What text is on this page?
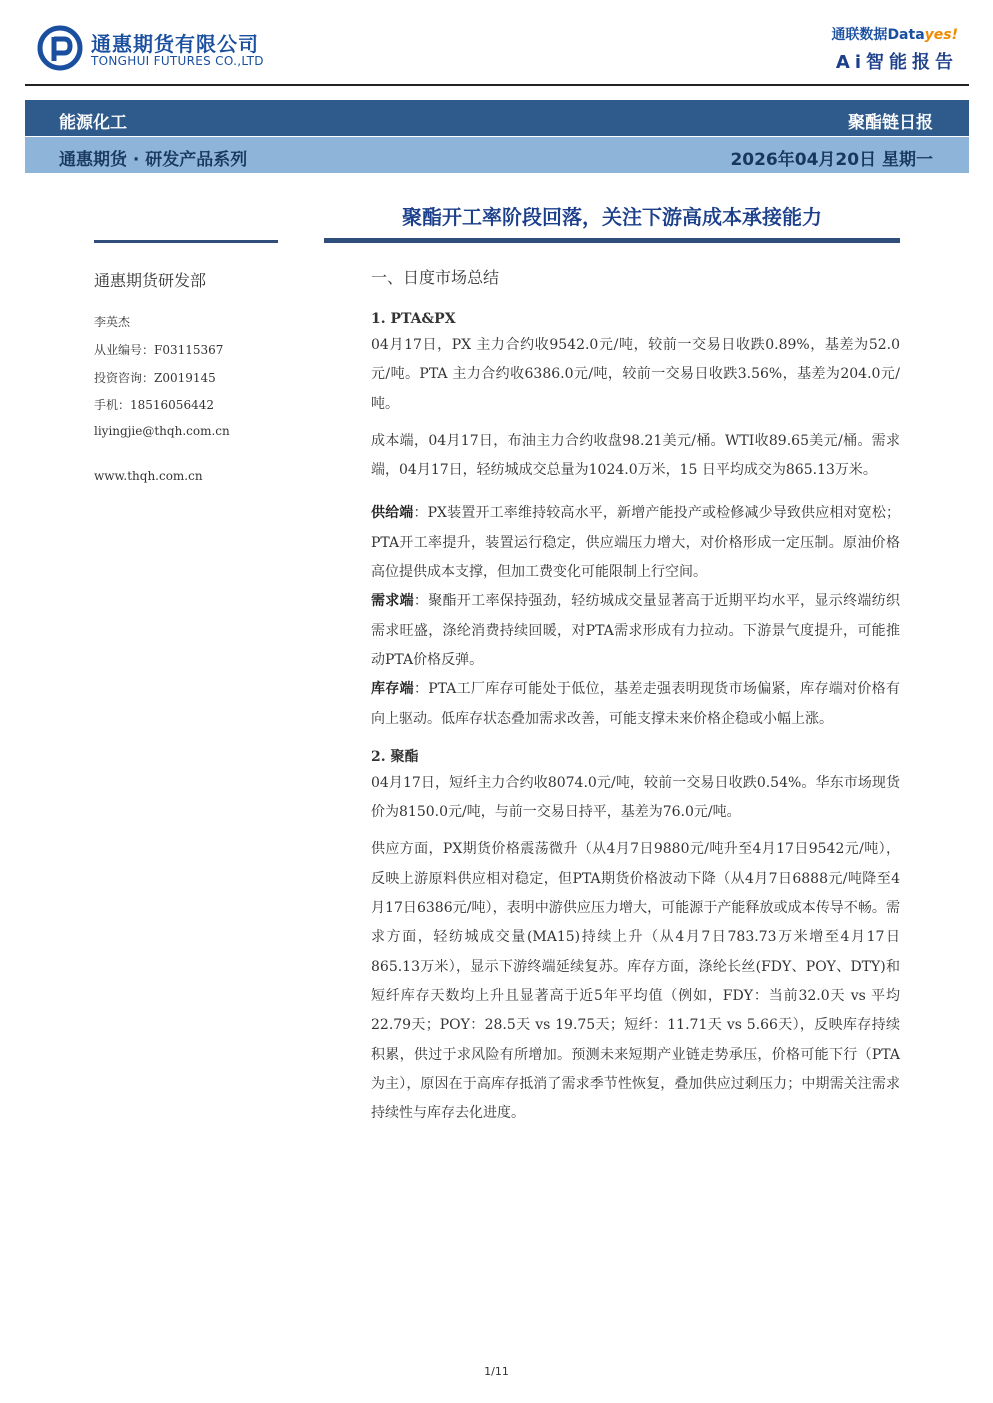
通惠期货有限公司
TONGHUI FUTURES CO.,LTD
通联数据Datayes!
Ai智能报告
能源化工	聚酯链日报
通惠期货 · 研发产品系列	2026年04月20日 星期一
聚酯开工率阶段回落，关注下游高成本承接能力
通惠期货研发部
李英杰
从业编号：F03115367
投资咨询：Z0019145
手机：18516056442
liyingjie@thqh.com.cn
www.thqh.com.cn
一、日度市场总结
1. PTA&PX

04月17日，PX 主力合约收9542.0元/吨，较前一交易日收跌0.89%，基差为52.0元/吨。PTA 主力合约收6386.0元/吨，较前一交易日收跌3.56%，基差为204.0元/吨。

成本端，04月17日，布油主力合约收盘98.21美元/桶。WTI收89.65美元/桶。需求端，04月17日，轻纺城成交总量为1024.0万米，15 日平均成交为865.13万米。

供给端：PX装置开工率维持较高水平，新增产能投产或检修减少导致供应相对宽松；PTA开工率提升，装置运行稳定，供应端压力增大，对价格形成一定压制。原油价格高位提供成本支撑，但加工费变化可能限制上行空间。

需求端：聚酯开工率保持强劲，轻纺城成交量显著高于近期平均水平，显示终端纺织需求旺盛，涤纶消费持续回暖，对PTA需求形成有力拉动。下游景气度提升，可能推动PTA价格反弹。

库存端：PTA工厂库存可能处于低位，基差走强表明现货市场偏紧，库存端对价格有向上驱动。低库存状态叠加需求改善，可能支撑未来价格企稳或小幅上涨。

2. 聚酯

04月17日，短纤主力合约收8074.0元/吨，较前一交易日收跌0.54%。华东市场现货价为8150.0元/吨，与前一交易日持平，基差为76.0元/吨。

供应方面，PX期货价格震荡微升（从4月7日9880元/吨升至4月17日9542元/吨），反映上游原料供应相对稳定，但PTA期货价格波动下降（从4月7日6888元/吨降至4月17日6386元/吨），表明中游供应压力增大，可能源于产能释放或成本传导不畅。需求方面，轻纺城成交量(MA15)持续上升（从4月7日783.73万米增至4月17日865.13万米），显示下游终端延续复苏。库存方面，涤纶长丝(FDY、POY、DTY)和短纤库存天数均上升且显著高于近5年平均值（例如，FDY：当前32.0天 vs 平均22.79天；POY：28.5天 vs 19.75天；短纤：11.71天 vs 5.66天），反映库存持续积累，供过于求风险有所增加。预测未来短期产业链走势承压，价格可能下行（PTA为主），原因在于高库存抵消了需求季节性恢复，叠加供应过剩压力；中期需关注需求持续性与库存去化进度。

1/11
